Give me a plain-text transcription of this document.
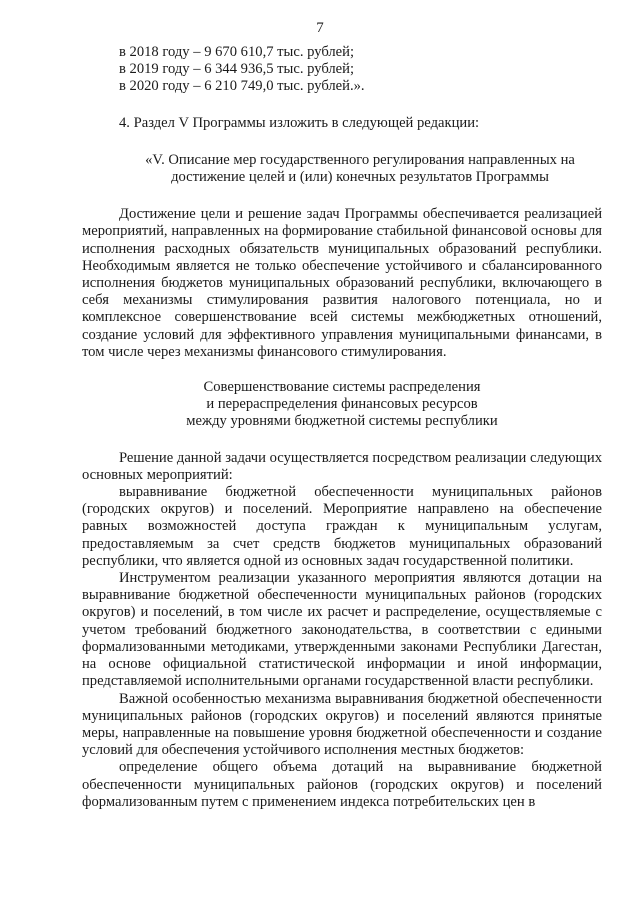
7

в 2018 году – 9 670 610,7 тыс. рублей;

в 2019 году – 6 344 936,5 тыс. рублей;

в 2020 году – 6 210 749,0 тыс. рублей.».

4. Раздел V Программы изложить в следующей редакции:

«V. Описание мер государственного регулирования направленных на

достижение целей и (или) конечных результатов Программы

Достижение цели и решение задач Программы обеспечивается реализацией мероприятий, направленных на формирование стабильной финансовой основы для исполнения расходных обязательств муниципальных образований республики. Необходимым является не только обеспечение устойчивого и сбалансированного исполнения бюджетов муниципальных образований республики, включающего в себя механизмы стимулирования развития налогового потенциала, но и комплексное совершенствование всей системы межбюджетных отношений, создание условий для эффективного управления муниципальными финансами, в том числе через механизмы финансового стимулирования.

Совершенствование системы распределения

и перераспределения финансовых ресурсов

между уровнями бюджетной системы республики

Решение данной задачи осуществляется посредством реализации следующих основных мероприятий:

выравнивание бюджетной обеспеченности муниципальных районов (городских округов) и поселений. Мероприятие направлено на обеспечение равных возможностей доступа граждан к муниципальным услугам, предоставляемым за счет средств бюджетов муниципальных образований республики, что является одной из основных задач государственной политики.

Инструментом реализации указанного мероприятия являются дотации на выравнивание бюджетной обеспеченности муниципальных районов (городских округов) и поселений, в том числе их расчет и распределение, осуществляемые с учетом требований бюджетного законодательства, в соответствии с едиными формализованными методиками, утвержденными законами Республики Дагестан, на основе официальной статистической информации и иной информации, представляемой исполнительными органами государственной власти республики.

Важной особенностью механизма выравнивания бюджетной обеспеченности муниципальных районов (городских округов) и поселений являются принятые меры, направленные на повышение уровня бюджетной обеспеченности и создание условий для обеспечения устойчивого исполнения местных бюджетов:

определение общего объема дотаций на выравнивание бюджетной обеспеченности муниципальных районов (городских округов) и поселений формализованным путем с применением индекса потребительских цен в
